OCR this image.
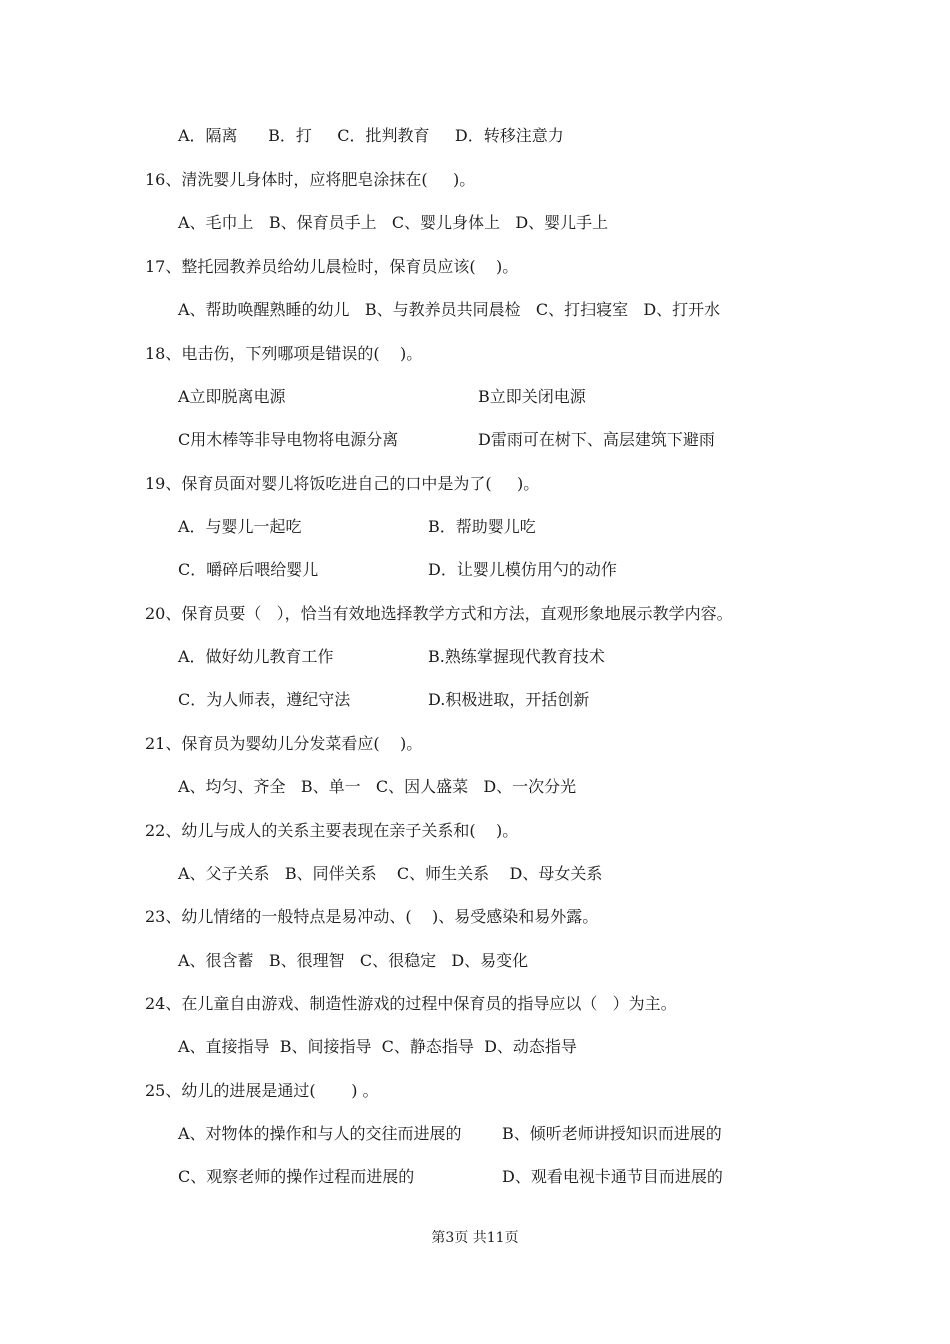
A．隔离      B．打     C．批判教育     D．转移注意力
16、清洗婴儿身体时，应将肥皂涂抹在(     )。
A、毛巾上   B、保育员手上   C、婴儿身体上   D、婴儿手上
17、整托园教养员给幼儿晨检时，保育员应该(    )。
A、帮助唤醒熟睡的幼儿   B、与教养员共同晨检   C、打扫寝室   D、打开水
18、电击伤，下列哪项是错误的(    )。
A立即脱离电源	B立即关闭电源
C用木棒等非导电物将电源分离	D雷雨可在树下、高层建筑下避雨
19、保育员面对婴儿将饭吃进自己的口中是为了(     )。
A．与婴儿一起吃	B．帮助婴儿吃
C．嚼碎后喂给婴儿	D．让婴儿模仿用勺的动作
20、保育员要（   ），恰当有效地选择教学方式和方法，直观形象地展示教学内容。
A．做好幼儿教育工作	B.熟练掌握现代教育技术
C．为人师表，遵纪守法	D.积极进取，开括创新
21、保育员为婴幼儿分发菜看应(    )。
A、均匀、齐全   B、单一   C、因人盛菜   D、一次分光
22、幼儿与成人的关系主要表现在亲子关系和(    )。
A、父子关系   B、同伴关系    C、师生关系    D、母女关系
23、幼儿情绪的一般特点是易冲动、(    )、易受感染和易外露。
A、很含蓄   B、很理智   C、很稳定   D、易变化
24、在儿童自由游戏、制造性游戏的过程中保育员的指导应以（   ）为主。
A、直接指导  B、间接指导  C、静态指导  D、动态指导
25、幼儿的进展是通过(       ) 。
A、对物体的操作和与人的交往而进展的	B、倾听老师讲授知识而进展的
C、观察老师的操作过程而进展的	D、观看电视卡通节目而进展的
第3页 共11页
